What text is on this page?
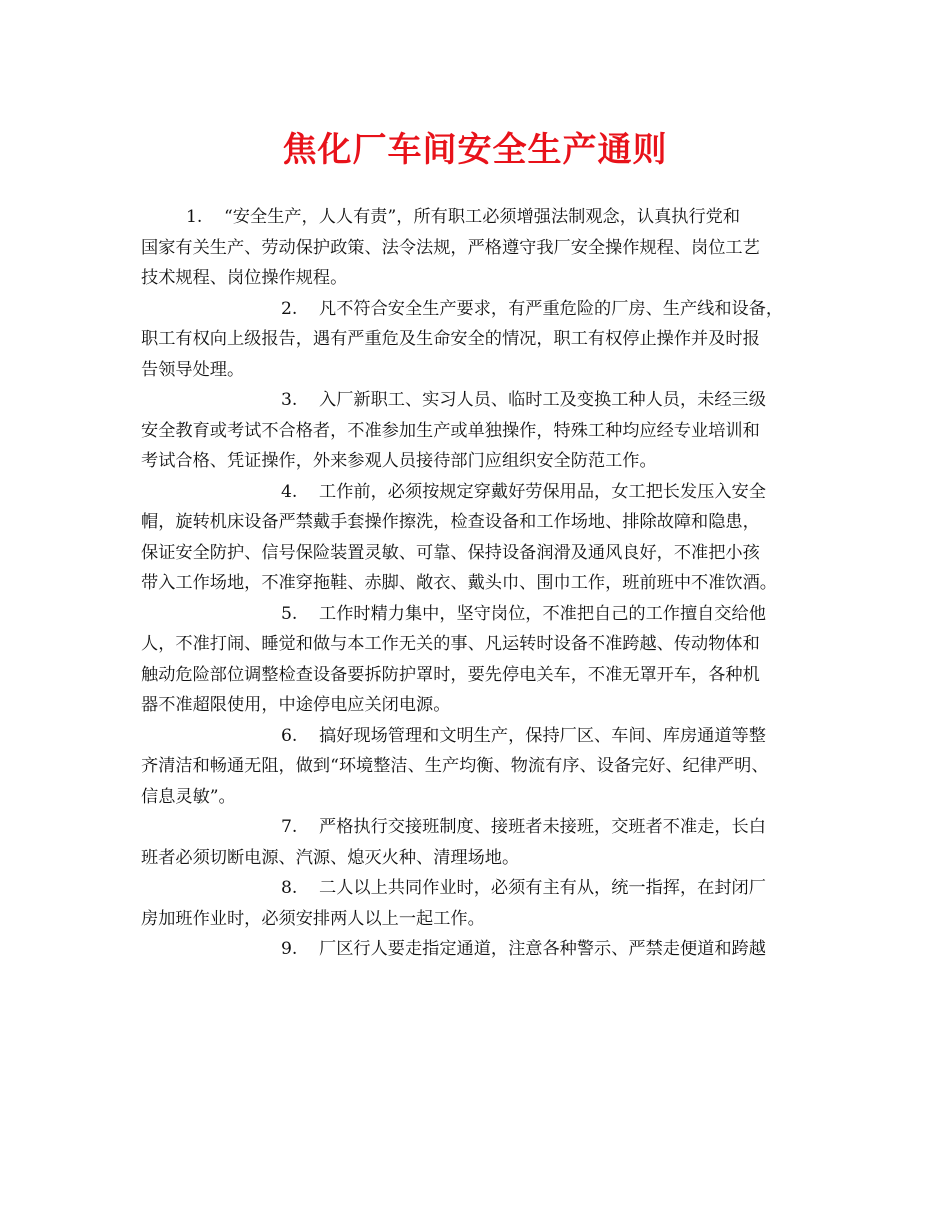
焦化厂车间安全生产通则
1. “安全生产，人人有责”，所有职工必须增强法制观念，认真执行党和
国家有关生产、劳动保护政策、法令法规，严格遵守我厂安全操作规程、岗位工艺
技术规程、岗位操作规程。
2. 凡不符合安全生产要求，有严重危险的厂房、生产线和设备，
职工有权向上级报告，遇有严重危及生命安全的情况，职工有权停止操作并及时报
告领导处理。
3. 入厂新职工、实习人员、临时工及变换工种人员，未经三级
安全教育或考试不合格者，不准参加生产或单独操作，特殊工种均应经专业培训和
考试合格、凭证操作，外来参观人员接待部门应组织安全防范工作。
4. 工作前，必须按规定穿戴好劳保用品，女工把长发压入安全
帽，旋转机床设备严禁戴手套操作擦洗，检查设备和工作场地、排除故障和隐患，
保证安全防护、信号保险装置灵敏、可靠、保持设备润滑及通风良好，不准把小孩
带入工作场地，不准穿拖鞋、赤脚、敞衣、戴头巾、围巾工作，班前班中不准饮酒。
5. 工作时精力集中，坚守岗位，不准把自己的工作擅自交给他
人，不准打闹、睡觉和做与本工作无关的事、凡运转时设备不准跨越、传动物体和
触动危险部位调整检查设备要拆防护罩时，要先停电关车，不准无罩开车，各种机
器不准超限使用，中途停电应关闭电源。
6. 搞好现场管理和文明生产，保持厂区、车间、库房通道等整
齐清洁和畅通无阻，做到“环境整洁、生产均衡、物流有序、设备完好、纪律严明、
信息灵敏”。
7. 严格执行交接班制度、接班者未接班，交班者不准走，长白
班者必须切断电源、汽源、熄灭火种、清理场地。
8. 二人以上共同作业时，必须有主有从，统一指挥，在封闭厂
房加班作业时，必须安排两人以上一起工作。
9. 厂区行人要走指定通道，注意各种警示、严禁走便道和跨越
